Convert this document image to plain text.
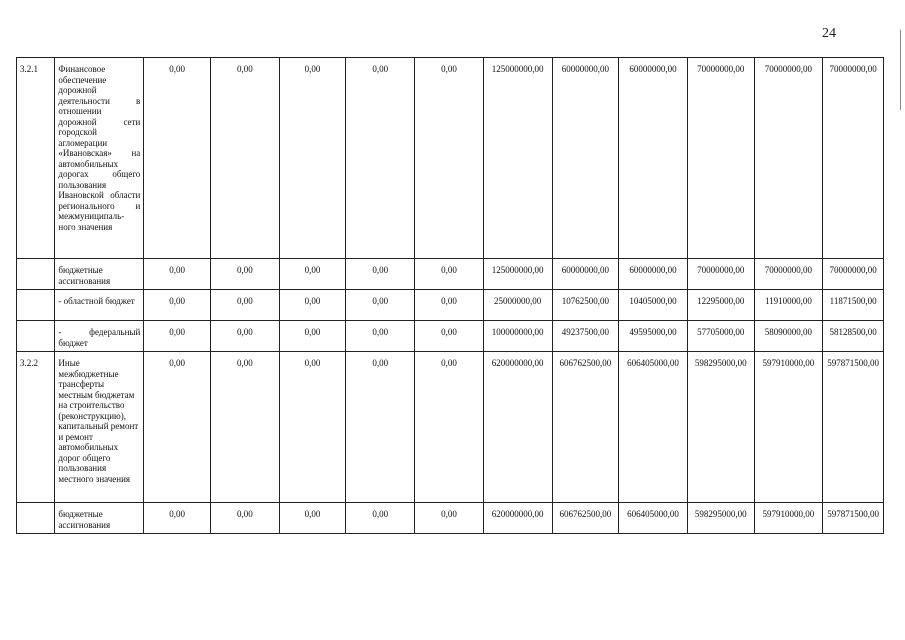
24
3.2.1	Финансовое обеспечение дорожной деятельности в отношении дорожной сети городской агломерации «Ивановская» на автомобильных дорогах общего пользования Ивановской области регионального и межмуниципаль-ного значения	0,00	0,00	0,00	0,00	0,00	125000000,00	60000000,00	60000000,00	70000000,00	70000000,00	70000000,00
	бюджетные ассигнования	0,00	0,00	0,00	0,00	0,00	125000000,00	60000000,00	60000000,00	70000000,00	70000000,00	70000000,00
	- областной бюджет	0,00	0,00	0,00	0,00	0,00	25000000,00	10762500,00	10405000,00	12295000,00	11910000,00	11871500,00
	- федеральный бюджет	0,00	0,00	0,00	0,00	0,00	100000000,00	49237500,00	49595000,00	57705000,00	58090000,00	58128500,00
3.2.2	Иные межбюджетные трансферты местным бюджетам на строительство (реконструкцию), капитальный ремонт и ремонт автомобильных дорог общего пользования местного значения	0,00	0,00	0,00	0,00	0,00	620000000,00	606762500,00	606405000,00	598295000,00	597910000,00	597871500,00
	бюджетные ассигнования	0,00	0,00	0,00	0,00	0,00	620000000,00	606762500,00	606405000,00	598295000,00	597910000,00	597871500,00
